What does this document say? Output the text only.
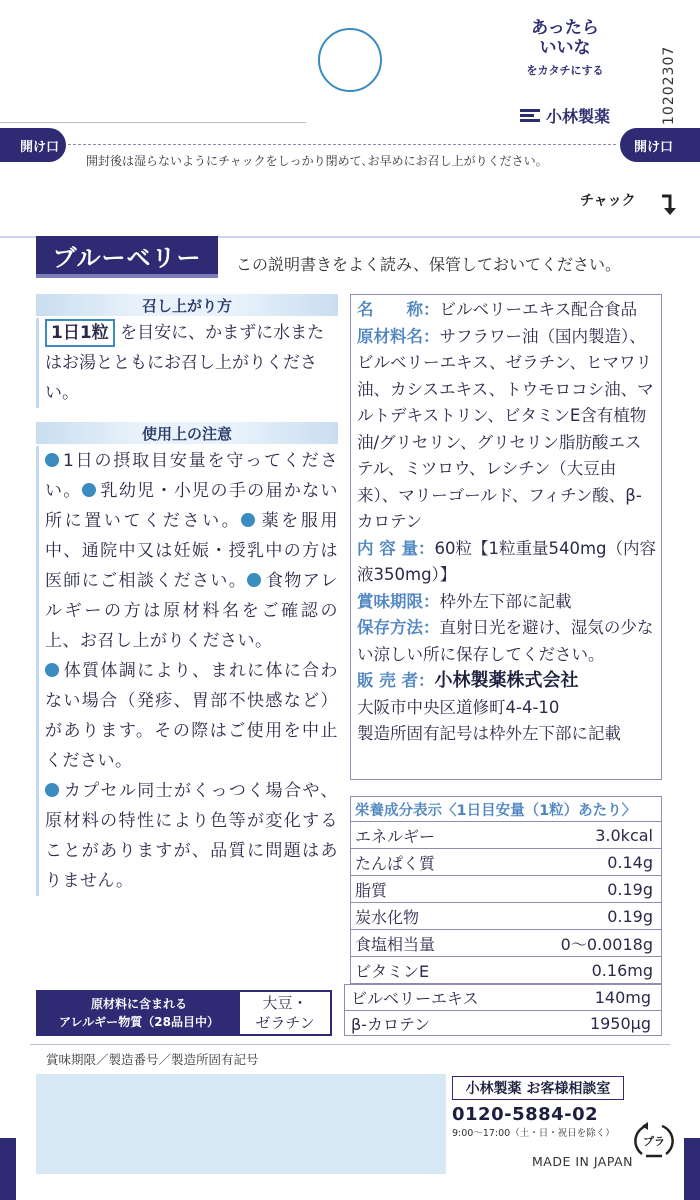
10202307
あったら
いいな
をカタチにする
小林製薬
開け口	開け口
開封後は湿らないようにチャックをしっかり閉めて､お早めにお召し上がりください｡
チャック
ブルーベリー	この説明書きをよく読み、保管しておいてください。
召し上がり方
1日1粒 を目安に、かまずに水またはお湯とともにお召し上がりください。
使用上の注意
1日の摂取目安量を守ってください。 乳幼児・小児の手の届かない所に置いてください。 薬を服用中、通院中又は妊娠・授乳中の方は医師にご相談ください。 食物アレルギーの方は原材料名をご確認の上、お召し上がりください。
体質体調により、まれに体に合わない場合（発疹、胃部不快感など）があります。その際はご使用を中止ください。
カプセル同士がくっつく場合や、原材料の特性により色等が変化することがありますが、品質に問題はありません。
名　　称：ビルベリーエキス配合食品
原材料名：サフラワー油（国内製造）、ビルベリーエキス、ゼラチン、ヒマワリ油、カシスエキス、トウモロコシ油、マルトデキストリン、ビタミンE含有植物油/グリセリン、グリセリン脂肪酸エステル、ミツロウ、レシチン（大豆由来）、マリーゴールド、フィチン酸、β-カロテン
内 容 量：60粒【1粒重量540mg（内容液350mg）】
賞味期限：枠外左下部に記載
保存方法：直射日光を避け、湿気の少ない涼しい所に保存してください。
販 売 者：小林製薬株式会社
大阪市中央区道修町4-4-10
製造所固有記号は枠外左下部に記載
栄養成分表示〈1日目安量（1粒）あたり〉
エネルギー	3.0kcal
たんぱく質	0.14g
脂質	0.19g
炭水化物	0.19g
食塩相当量	0〜0.0018g
ビタミンE	0.16mg
ビルベリーエキス	140mg
β-カロテン	1950μg
原材料に含まれる
アレルギー物質（28品目中）
大豆・
ゼラチン
賞味期限／製造番号／製造所固有記号
小林製薬 お客様相談室
0120-5884-02
9:00〜17:00（土・日・祝日を除く）
プラ
MADE IN JAPAN
